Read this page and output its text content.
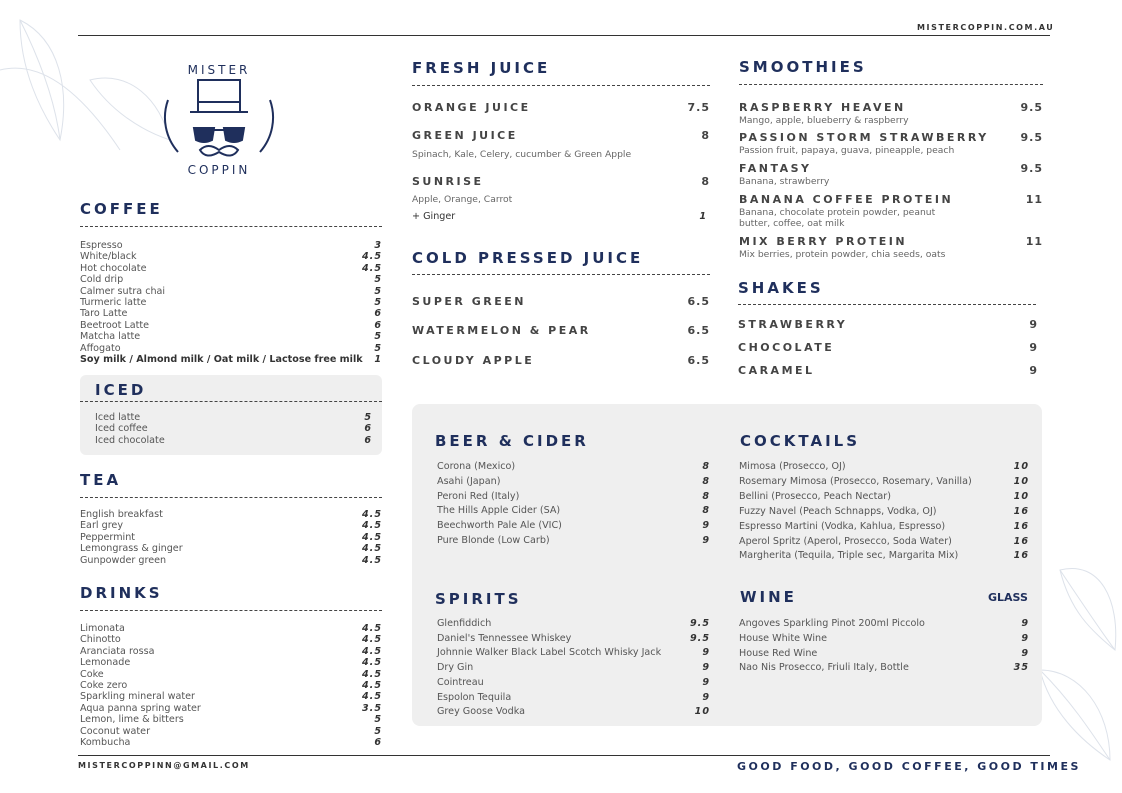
MISTERCOPPIN.COM.AU
MISTER
COPPIN
COFFEE
Espresso	3
White/black	4.5
Hot chocolate	4.5
Cold drip	5
Calmer sutra chai	5
Turmeric latte	5
Taro Latte	6
Beetroot Latte	6
Matcha latte	5
Affogato	5
Soy milk / Almond milk / Oat milk / Lactose free milk 1
ICED
Iced latte	5
Iced coffee	6
Iced chocolate	6
TEA
English breakfast	4.5
Earl grey	4.5
Peppermint	4.5
Lemongrass & ginger	4.5
Gunpowder green	4.5
DRINKS
Limonata	4.5
Chinotto	4.5
Aranciata rossa	4.5
Lemonade	4.5
Coke	4.5
Coke zero	4.5
Sparkling mineral water	4.5
Aqua panna spring water	3.5
Lemon, lime & bitters	5
Coconut water	5
Kombucha	6
FRESH JUICE
ORANGE JUICE	7.5
GREEN JUICE	8
Spinach, Kale, Celery, cucumber & Green Apple
SUNRISE	8
Apple, Orange, Carrot
+ Ginger	1
COLD PRESSED JUICE
SUPER GREEN	6.5
WATERMELON & PEAR	6.5
CLOUDY APPLE	6.5
SMOOTHIES
RASPBERRY HEAVEN	9.5
Mango, apple, blueberry & raspberry
PASSION STORM STRAWBERRY	9.5
Passion fruit, papaya, guava, pineapple, peach
FANTASY	9.5
Banana, strawberry
BANANA COFFEE PROTEIN	11
Banana, chocolate protein powder, peanut butter, coffee, oat milk
MIX BERRY PROTEIN	11
Mix berries, protein powder, chia seeds, oats
SHAKES
STRAWBERRY	9
CHOCOLATE	9
CARAMEL	9
BEER & CIDER
Corona (Mexico)	8
Asahi (Japan)	8
Peroni Red (Italy)	8
The Hills Apple Cider (SA)	8
Beechworth Pale Ale (VIC)	9
Pure Blonde (Low Carb)	9
SPIRITS
Glenfiddich	9.5
Daniel's Tennessee Whiskey	9.5
Johnnie Walker Black Label Scotch Whisky Jack	9
Dry Gin	9
Cointreau	9
Espolon Tequila	9
Grey Goose Vodka	10
COCKTAILS
Mimosa (Prosecco, OJ)	10
Rosemary Mimosa (Prosecco, Rosemary, Vanilla)	10
Bellini (Prosecco, Peach Nectar)	10
Fuzzy Navel (Peach Schnapps, Vodka, OJ)	16
Espresso Martini (Vodka, Kahlua, Espresso)	16
Aperol Spritz (Aperol, Prosecco, Soda Water)	16
Margherita (Tequila, Triple sec, Margarita Mix)	16
WINE	GLASS
Angoves Sparkling Pinot 200ml Piccolo	9
House White Wine	9
House Red Wine	9
Nao Nis Prosecco, Friuli Italy, Bottle	35
MISTERCOPPINN@GMAIL.COM	GOOD FOOD, GOOD COFFEE, GOOD TIMES
